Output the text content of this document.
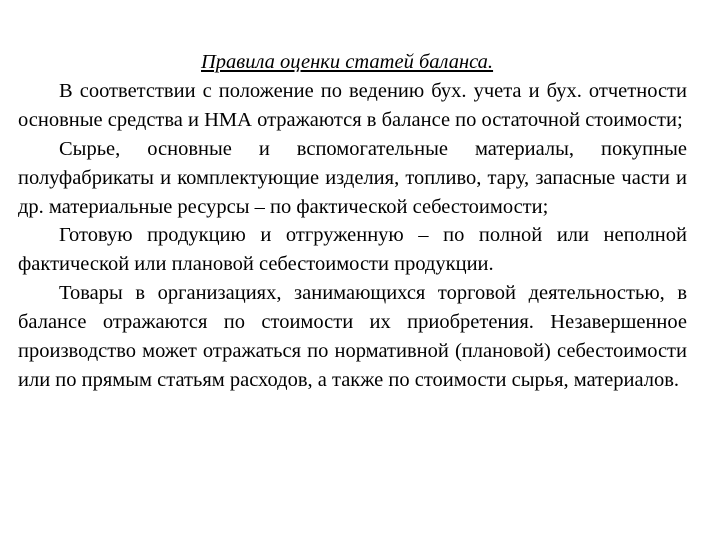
Правила оценки статей баланса.

В соответствии с положение по ведению бух. учета и бух. отчетности основные средства и НМА отражаются в балансе по остаточной стоимости;

Сырье, основные и вспомогательные материалы, покупные полуфабрикаты и комплектующие изделия, топливо, тару, запасные части и др. материальные ресурсы – по фактической себестоимости;

Готовую продукцию и отгруженную – по полной или неполной фактической или плановой себестоимости продукции.

Товары в организациях, занимающихся торговой деятельностью, в балансе отражаются по стоимости их приобретения. Незавершенное производство может отражаться по нормативной (плановой) себестоимости или по прямым статьям расходов, а также по стоимости сырья, материалов.
